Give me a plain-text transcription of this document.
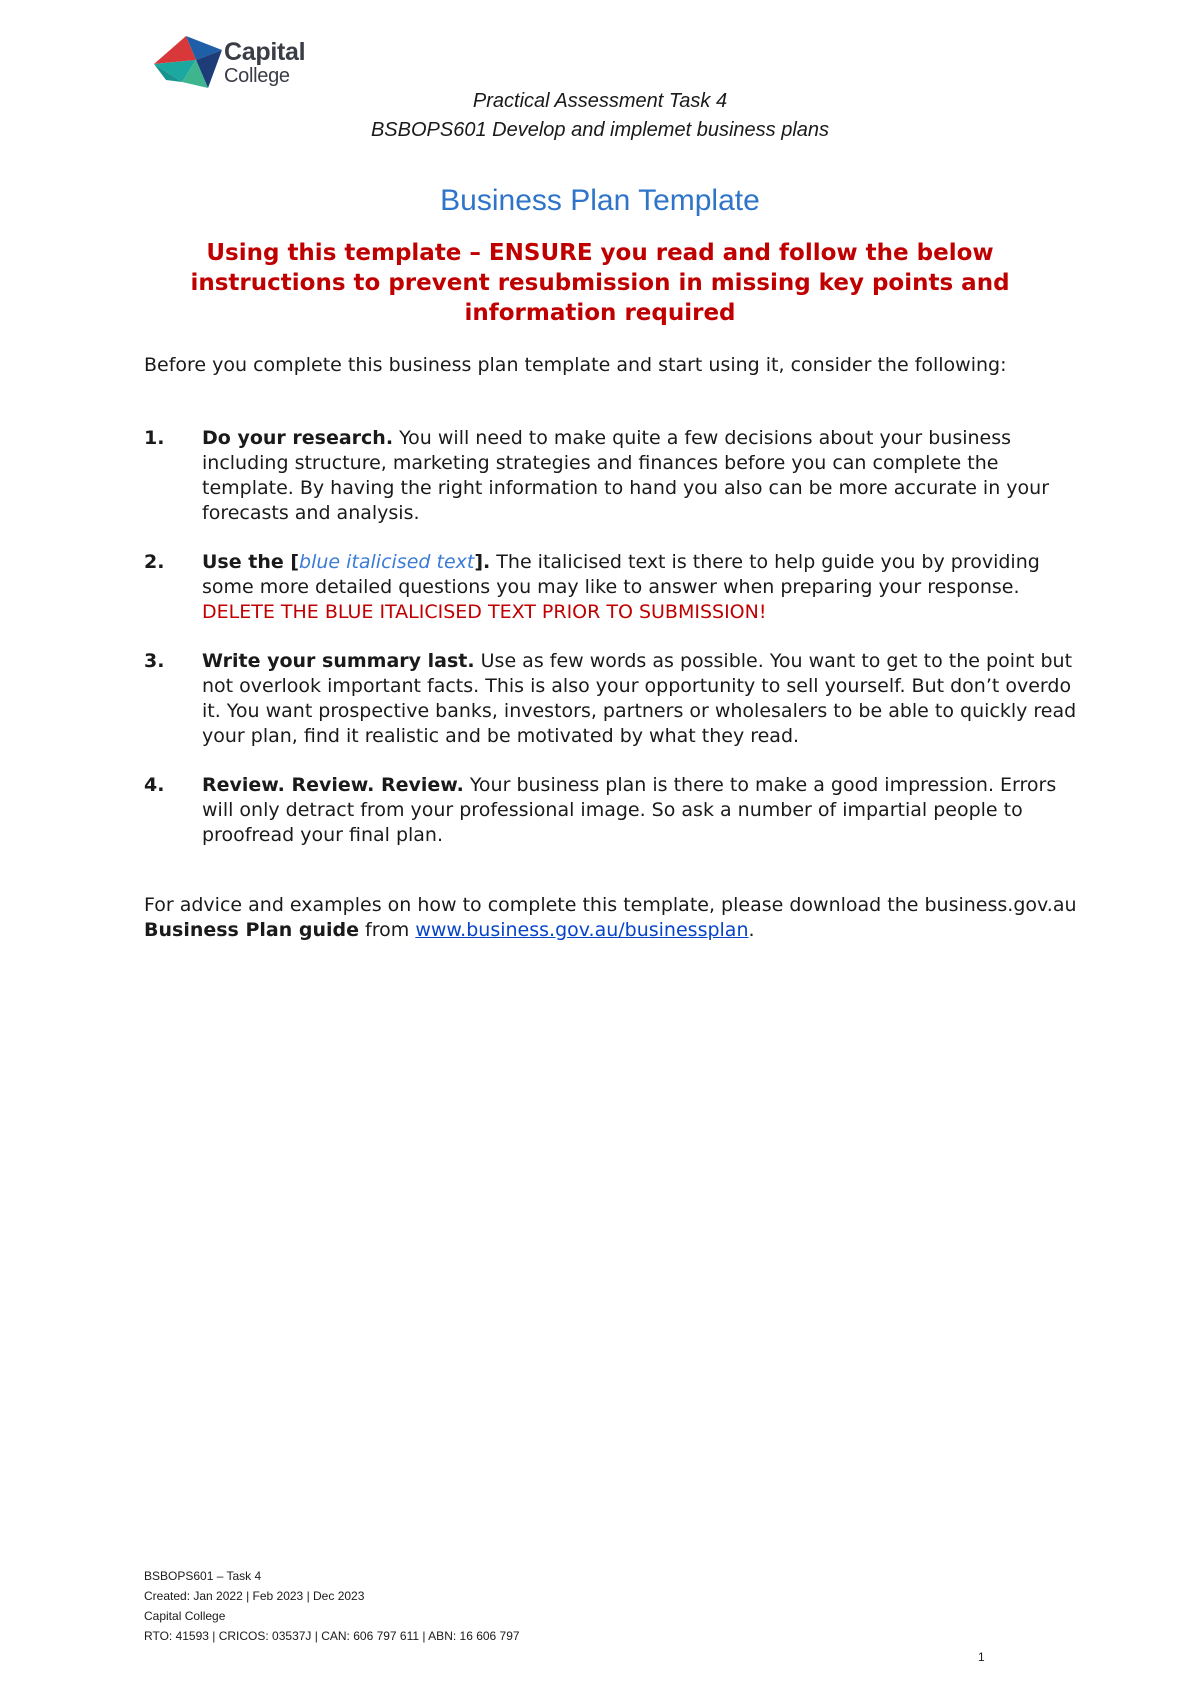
Capital
College
Practical Assessment Task 4
BSBOPS601 Develop and implemet business plans
Business Plan Template
Using this template – ENSURE you read and follow the below instructions to prevent resubmission in missing key points and information required
Before you complete this business plan template and start using it, consider the following:
1. Do your research. You will need to make quite a few decisions about your business including structure, marketing strategies and finances before you can complete the template. By having the right information to hand you also can be more accurate in your forecasts and analysis.
2. Use the [blue italicised text]. The italicised text is there to help guide you by providing some more detailed questions you may like to answer when preparing your response. DELETE THE BLUE ITALICISED TEXT PRIOR TO SUBMISSION!
3. Write your summary last. Use as few words as possible. You want to get to the point but not overlook important facts. This is also your opportunity to sell yourself. But don’t overdo it. You want prospective banks, investors, partners or wholesalers to be able to quickly read your plan, find it realistic and be motivated by what they read.
4. Review. Review. Review. Your business plan is there to make a good impression. Errors will only detract from your professional image. So ask a number of impartial people to proofread your final plan.
For advice and examples on how to complete this template, please download the business.gov.au Business Plan guide from www.business.gov.au/businessplan.
BSBOPS601 – Task 4
Created: Jan 2022 | Feb 2023 | Dec 2023
Capital College
RTO: 41593 | CRICOS: 03537J | CAN: 606 797 611 | ABN: 16 606 797
1
